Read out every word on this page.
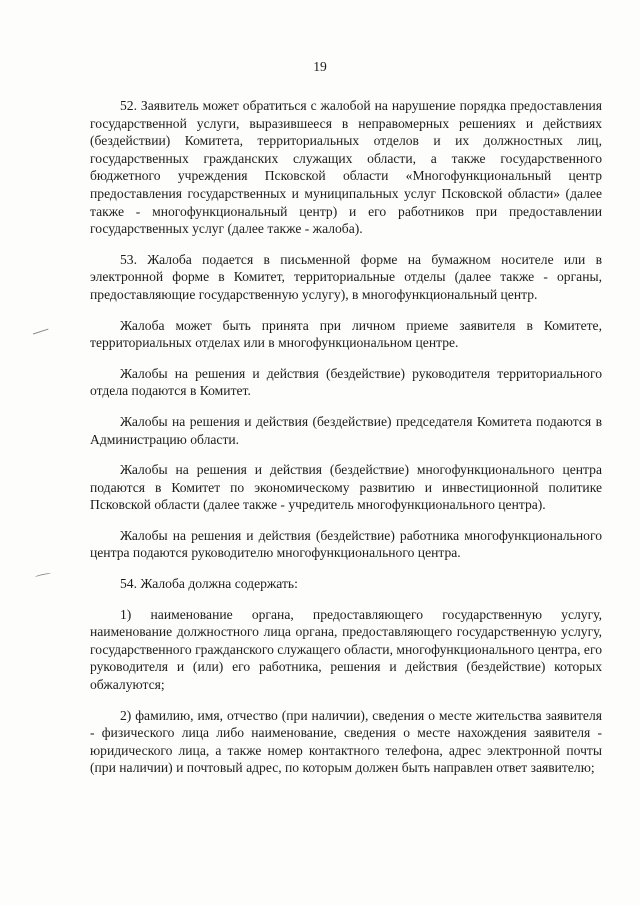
19

52. Заявитель может обратиться с жалобой на нарушение порядка предоставления государственной услуги, выразившееся в неправомерных решениях и действиях (бездействии) Комитета, территориальных отделов и их должностных лиц, государственных гражданских служащих области, а также государственного бюджетного учреждения Псковской области «Многофункциональный центр предоставления государственных и муниципальных услуг Псковской области» (далее также - многофункциональный центр) и его работников при предоставлении государственных услуг (далее также - жалоба).

53. Жалоба подается в письменной форме на бумажном носителе или в электронной форме в Комитет, территориальные отделы (далее также - органы, предоставляющие государственную услугу), в многофункциональный центр.

Жалоба может быть принята при личном приеме заявителя в Комитете, территориальных отделах или в многофункциональном центре.

Жалобы на решения и действия (бездействие) руководителя территориального отдела подаются в Комитет.

Жалобы на решения и действия (бездействие) председателя Комитета подаются в Администрацию области.

Жалобы на решения и действия (бездействие) многофункционального центра подаются в Комитет по экономическому развитию и инвестиционной политике Псковской области (далее также - учредитель многофункционального центра).

Жалобы на решения и действия (бездействие) работника многофункционального центра подаются руководителю многофункционального центра.

54. Жалоба должна содержать:

1) наименование органа, предоставляющего государственную услугу, наименование должностного лица органа, предоставляющего государственную услугу, государственного гражданского служащего области, многофункционального центра, его руководителя и (или) его работника, решения и действия (бездействие) которых обжалуются;

2) фамилию, имя, отчество (при наличии), сведения о месте жительства заявителя - физического лица либо наименование, сведения о месте нахождения заявителя - юридического лица, а также номер контактного телефона, адрес электронной почты (при наличии) и почтовый адрес, по которым должен быть направлен ответ заявителю;
